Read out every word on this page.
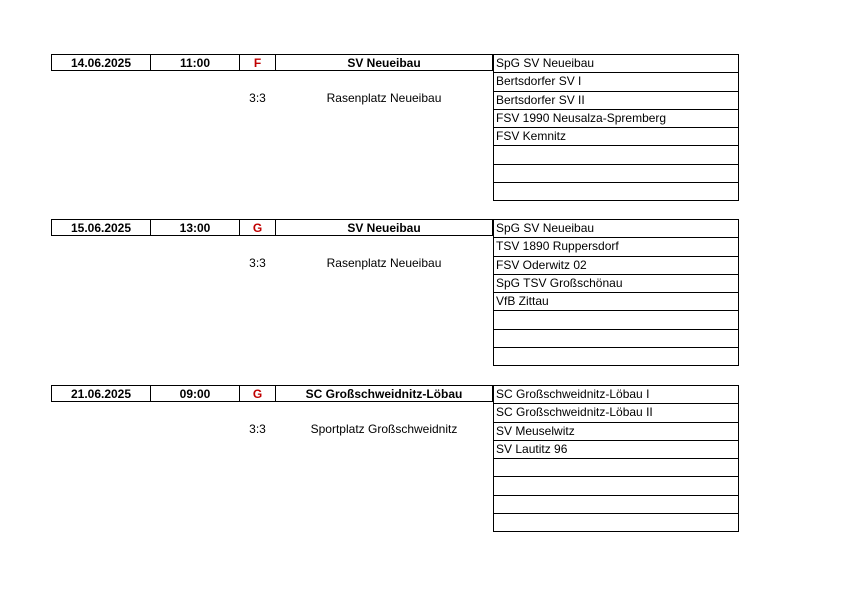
14.06.2025	11:00	F	SV Neueibau
3:3	Rasenplatz Neueibau
SpG SV Neueibau
Bertsdorfer SV I
Bertsdorfer SV II
FSV 1990 Neusalza-Spremberg
FSV Kemnitz
15.06.2025	13:00	G	SV Neueibau
3:3	Rasenplatz Neueibau
SpG SV Neueibau
TSV 1890 Ruppersdorf
FSV Oderwitz 02
SpG TSV Großschönau
VfB Zittau
21.06.2025	09:00	G	SC Großschweidnitz-Löbau
3:3	Sportplatz Großschweidnitz
SC Großschweidnitz-Löbau I
SC Großschweidnitz-Löbau II
SV Meuselwitz
SV Lautitz 96
